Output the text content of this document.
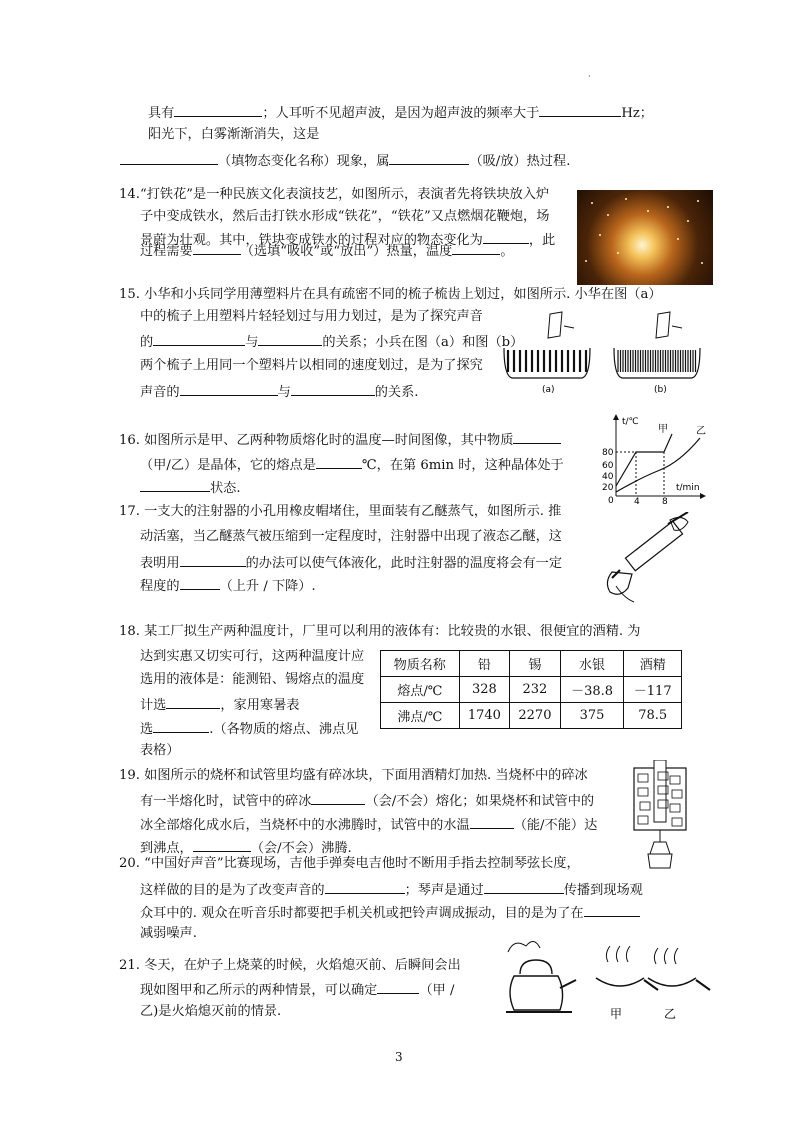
·
具有	；人耳听不见超声波，是因为超声波的频率大于	Hz；
阳光下，白雾渐渐消失，这是
（填物态变化名称）现象，属	（吸/放）热过程.
14.“打铁花”是一种民族文化表演技艺，如图所示，表演者先将铁块放入炉
子中变成铁水，然后击打铁水形成“铁花”，“铁花”又点燃烟花鞭炮，场
景蔚为壮观。其中，铁块变成铁水的过程对应的物态变化为	，此
过程需要	（选填“吸收”或“放出”）热量，温度	。
15. 小华和小兵同学用薄塑料片在具有疏密不同的梳子梳齿上划过，如图所示. 小华在图（a）
中的梳子上用塑料片轻轻划过与用力划过，是为了探究声音
的	与	的关系；小兵在图（a）和图（b）
两个梳子上用同一个塑料片以相同的速度划过，是为了探究
声音的	与	的关系.	(a)	(b)
16. 如图所示是甲、乙两种物质熔化时的温度—时间图像，其中物质
（甲/乙）是晶体，它的熔点是	℃，在第 6min 时，这种晶体处于
状态.
t/℃
t/min
80
60
40
20
0 4 8
甲	乙
17. 一支大的注射器的小孔用橡皮帽堵住，里面装有乙醚蒸气，如图所示. 推
动活塞，当乙醚蒸气被压缩到一定程度时，注射器中出现了液态乙醚，这
表明用	的办法可以使气体液化，此时注射器的温度将会有一定
程度的	（上升 / 下降）.
18. 某工厂拟生产两种温度计，厂里可以利用的液体有：比较贵的水银、很便宜的酒精. 为
达到实惠又切实可行，这两种温度计应
选用的液体是：能测铅、锡熔点的温度
计选	，家用寒暑表
选	.（各物质的熔点、沸点见
表格）
物质名称	铅	锡	水银	酒精
熔点/℃	328	232	－38.8	－117
沸点/℃	1740	2270	375	78.5
19. 如图所示的烧杯和试管里均盛有碎冰块，下面用酒精灯加热. 当烧杯中的碎冰
有一半熔化时，试管中的碎冰	（会/不会）熔化；如果烧杯和试管中的
冰全部熔化成水后，当烧杯中的水沸腾时，试管中的水温	（能/不能）达
到沸点，	（会/不会）沸腾.
20. “中国好声音”比赛现场，吉他手弹奏电吉他时不断用手指去控制琴弦长度，
这样做的目的是为了改变声音的	；琴声是通过	传播到现场观
众耳中的. 观众在听音乐时都要把手机关机或把铃声调成振动，目的是为了在
减弱噪声.
21. 冬天，在炉子上烧菜的时候，火焰熄灭前、后瞬间会出
现如图甲和乙所示的两种情景，可以确定	（甲 /
乙)是火焰熄灭前的情景.	甲	乙
3
